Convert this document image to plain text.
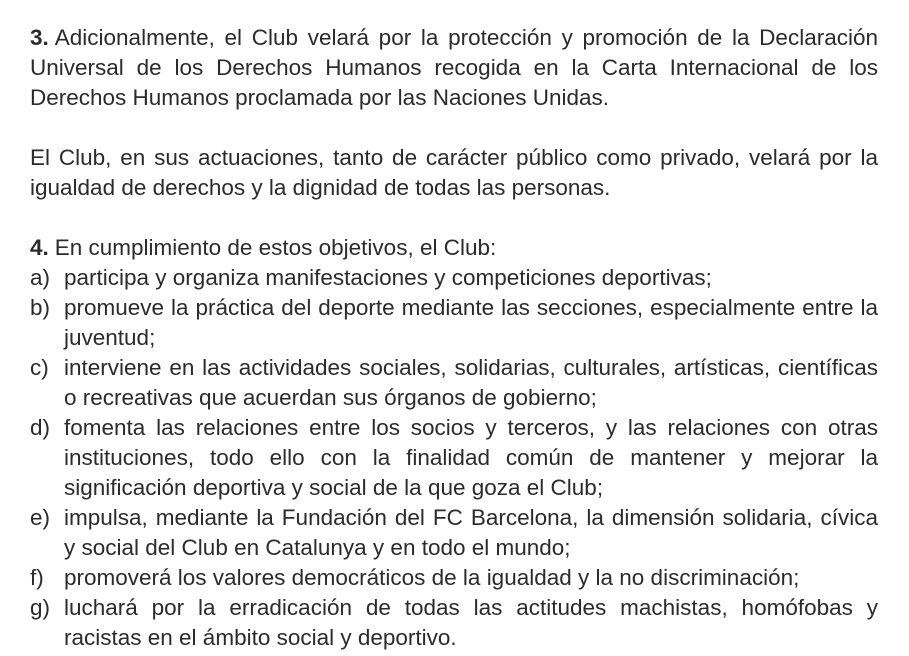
3. Adicionalmente, el Club velará por la protección y promoción de la Declaración Universal de los Derechos Humanos recogida en la Carta Internacional de los Derechos Humanos proclamada por las Naciones Unidas.

El Club, en sus actuaciones, tanto de carácter público como privado, velará por la igualdad de derechos y la dignidad de todas las personas.

4. En cumplimiento de estos objetivos, el Club:

a) participa y organiza manifestaciones y competiciones deportivas;
b) promueve la práctica del deporte mediante las secciones, especialmente entre la juventud;
c) interviene en las actividades sociales, solidarias, culturales, artísticas, científicas o recreativas que acuerdan sus órganos de gobierno;
d) fomenta las relaciones entre los socios y terceros, y las relaciones con otras instituciones, todo ello con la finalidad común de mantener y mejorar la significación deportiva y social de la que goza el Club;
e) impulsa, mediante la Fundación del FC Barcelona, la dimensión solidaria, cívica y social del Club en Catalunya y en todo el mundo;
f) promoverá los valores democráticos de la igualdad y la no discriminación;
g) luchará por la erradicación de todas las actitudes machistas, homófobas y racistas en el ámbito social y deportivo.
